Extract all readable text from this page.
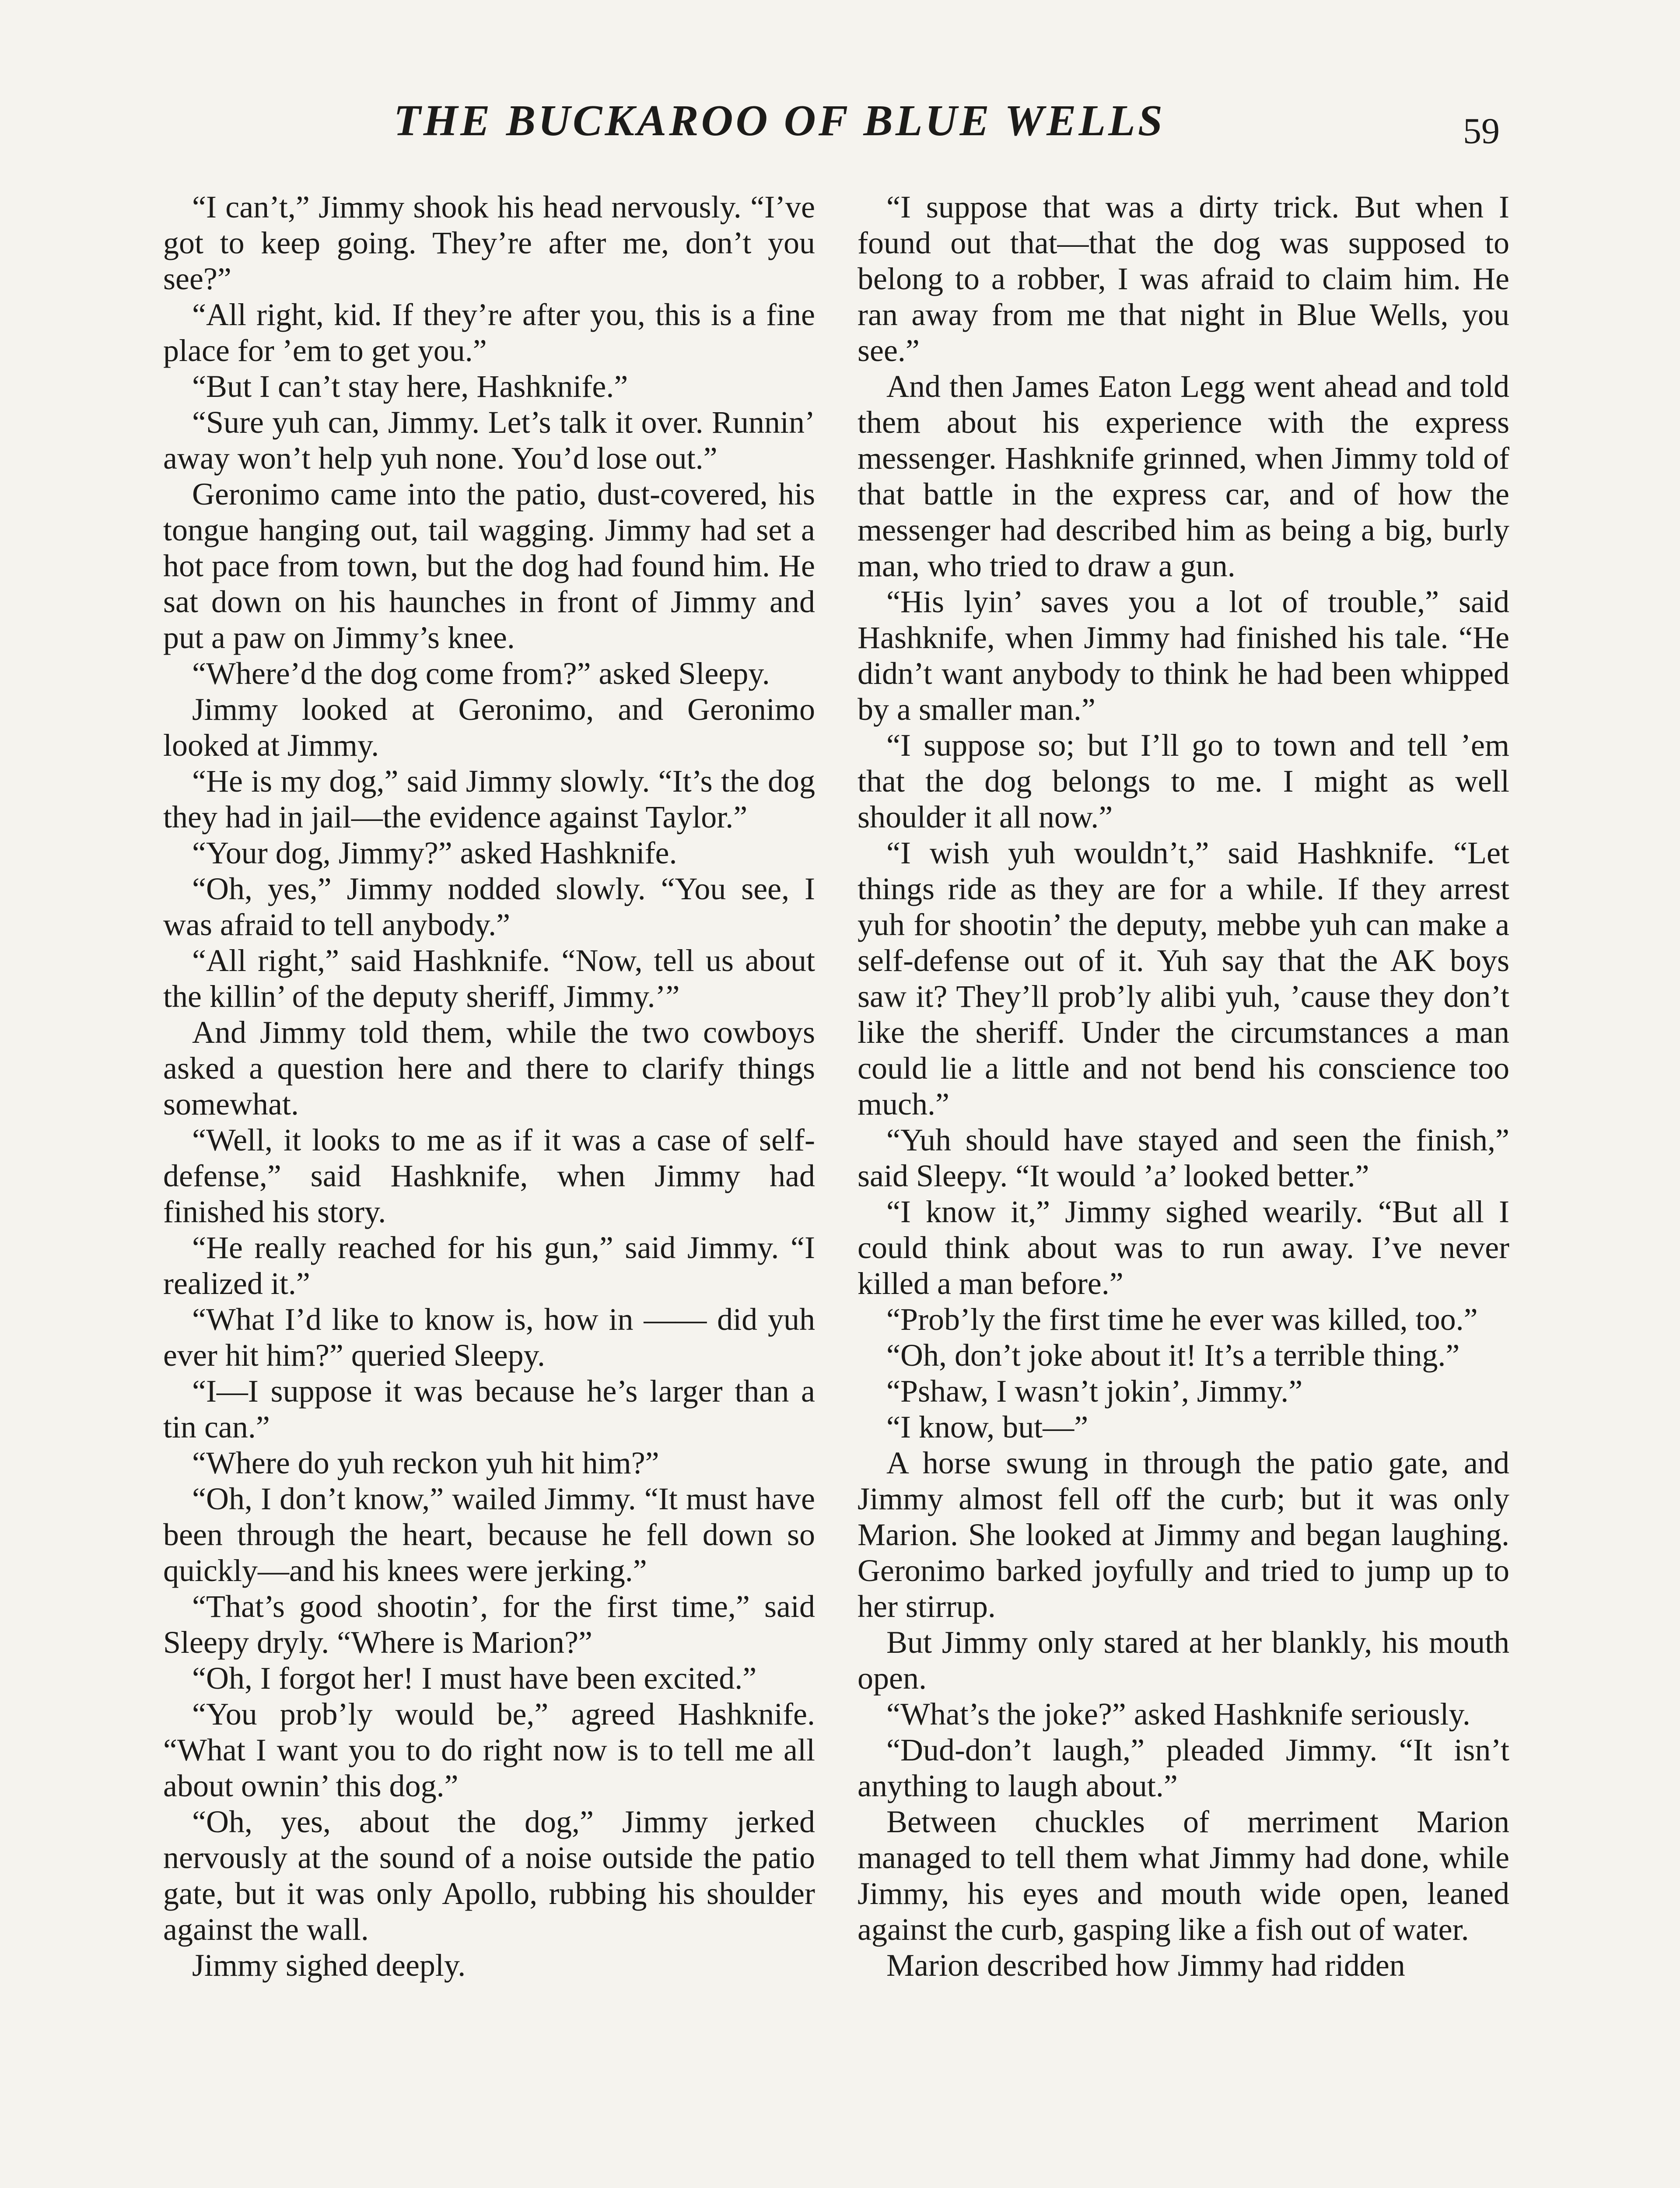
THE BUCKAROO OF BLUE WELLS	59

“I can’t,” Jimmy shook his head nervously. “I’ve got to keep going. They’re after me, don’t you see?”

“All right, kid. If they’re after you, this is a fine place for ’em to get you.”

“But I can’t stay here, Hashknife.”

“Sure yuh can, Jimmy. Let’s talk it over. Runnin’ away won’t help yuh none. You’d lose out.”

Geronimo came into the patio, dust-covered, his tongue hanging out, tail wagging. Jimmy had set a hot pace from town, but the dog had found him. He sat down on his haunches in front of Jimmy and put a paw on Jimmy’s knee.

“Where’d the dog come from?” asked Sleepy.

Jimmy looked at Geronimo, and Geronimo looked at Jimmy.

“He is my dog,” said Jimmy slowly. “It’s the dog they had in jail—the evidence against Taylor.”

“Your dog, Jimmy?” asked Hashknife.

“Oh, yes,” Jimmy nodded slowly. “You see, I was afraid to tell anybody.”

“All right,” said Hashknife. “Now, tell us about the killin’ of the deputy sheriff, Jimmy.’”

And Jimmy told them, while the two cowboys asked a question here and there to clarify things somewhat.

“Well, it looks to me as if it was a case of self-defense,” said Hashknife, when Jimmy had finished his story.

“He really reached for his gun,” said Jimmy. “I realized it.”

“What I’d like to know is, how in —— did yuh ever hit him?” queried Sleepy.

“I—I suppose it was because he’s larger than a tin can.”

“Where do yuh reckon yuh hit him?”

“Oh, I don’t know,” wailed Jimmy. “It must have been through the heart, because he fell down so quickly—and his knees were jerking.”

“That’s good shootin’, for the first time,” said Sleepy dryly. “Where is Marion?”

“Oh, I forgot her! I must have been excited.”

“You prob’ly would be,” agreed Hashknife. “What I want you to do right now is to tell me all about ownin’ this dog.”

“Oh, yes, about the dog,” Jimmy jerked nervously at the sound of a noise outside the patio gate, but it was only Apollo, rubbing his shoulder against the wall.

Jimmy sighed deeply.

“I suppose that was a dirty trick. But when I found out that—that the dog was supposed to belong to a robber, I was afraid to claim him. He ran away from me that night in Blue Wells, you see.”

And then James Eaton Legg went ahead and told them about his experience with the express messenger. Hashknife grinned, when Jimmy told of that battle in the express car, and of how the messenger had described him as being a big, burly man, who tried to draw a gun.

“His lyin’ saves you a lot of trouble,” said Hashknife, when Jimmy had finished his tale. “He didn’t want anybody to think he had been whipped by a smaller man.”

“I suppose so; but I’ll go to town and tell ’em that the dog belongs to me. I might as well shoulder it all now.”

“I wish yuh wouldn’t,” said Hashknife. “Let things ride as they are for a while. If they arrest yuh for shootin’ the deputy, mebbe yuh can make a self-defense out of it. Yuh say that the AK boys saw it? They’ll prob’ly alibi yuh, ’cause they don’t like the sheriff. Under the circumstances a man could lie a little and not bend his conscience too much.”

“Yuh should have stayed and seen the finish,” said Sleepy. “It would ’a’ looked better.”

“I know it,” Jimmy sighed wearily. “But all I could think about was to run away. I’ve never killed a man before.”

“Prob’ly the first time he ever was killed, too.”

“Oh, don’t joke about it! It’s a terrible thing.”

“Pshaw, I wasn’t jokin’, Jimmy.”

“I know, but—”

A horse swung in through the patio gate, and Jimmy almost fell off the curb; but it was only Marion. She looked at Jimmy and began laughing. Geronimo barked joyfully and tried to jump up to her stirrup.

But Jimmy only stared at her blankly, his mouth open.

“What’s the joke?” asked Hashknife seriously.

“Dud-don’t laugh,” pleaded Jimmy. “It isn’t anything to laugh about.”

Between chuckles of merriment Marion managed to tell them what Jimmy had done, while Jimmy, his eyes and mouth wide open, leaned against the curb, gasping like a fish out of water.

Marion described how Jimmy had ridden
